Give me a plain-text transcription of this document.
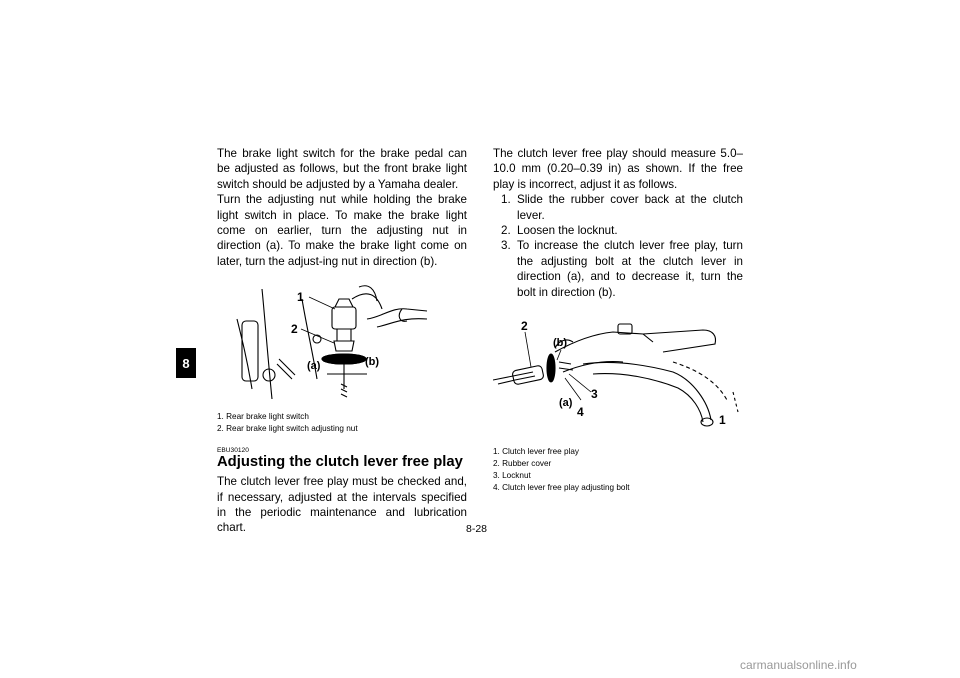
8

The brake light switch for the brake pedal can be adjusted as follows, but the front brake light switch should be adjusted by a Yamaha dealer.

Turn the adjusting nut while holding the brake light switch in place. To make the brake light come on earlier, turn the adjusting nut in direction (a). To make the brake light come on later, turn the adjust-ing nut in direction (b).

1
2
(a)	(b)
1. Rear brake light switch
2. Rear brake light switch adjusting nut
EBU30120
Adjusting the clutch lever free play

The clutch lever free play must be checked and, if necessary, adjusted at the intervals specified in the periodic maintenance and lubrication chart.

The clutch lever free play should measure 5.0–10.0 mm (0.20–0.39 in) as shown. If the free play is incorrect, adjust it as follows.

1. Slide the rubber cover back at the clutch lever.
2. Loosen the locknut.
3. To increase the clutch lever free play, turn the adjusting bolt at the clutch lever in direction (a), and to decrease it, turn the bolt in direction (b).
2
(b)
(a)
3
4
1
1. Clutch lever free play
2. Rubber cover
3. Locknut
4. Clutch lever free play adjusting bolt
8-28
carmanualsonline.info
